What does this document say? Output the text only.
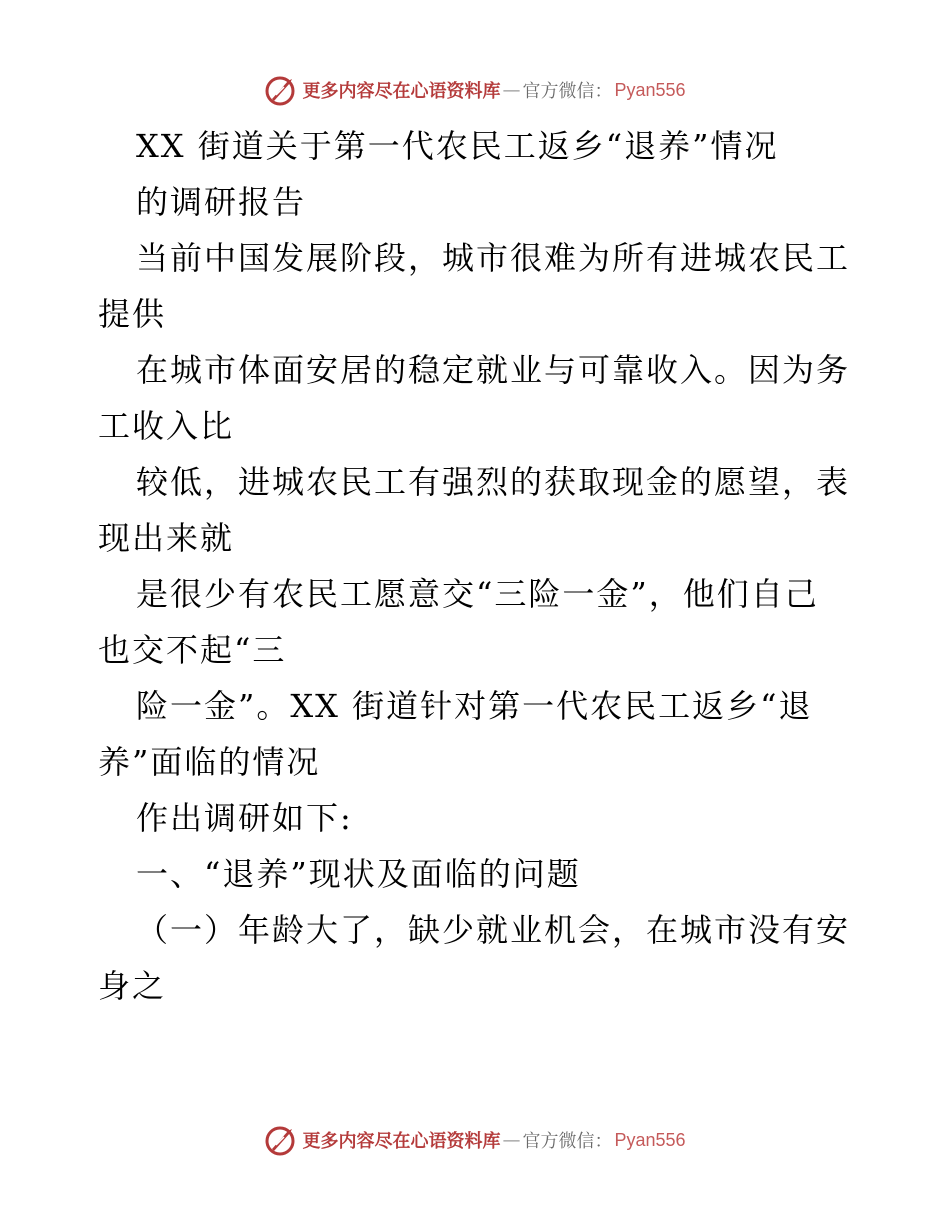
更多内容尽在心语资料库 — 官方微信： Pyan556
XX 街道关于第一代农民工返乡“退养”情况
的调研报告
当前中国发展阶段，城市很难为所有进城农民工
提供
在城市体面安居的稳定就业与可靠收入。因为务
工收入比
较低，进城农民工有强烈的获取现金的愿望，表
现出来就
是很少有农民工愿意交“三险一金”，他们自己
也交不起“三
险一金”。XX 街道针对第一代农民工返乡“退
养”面临的情况
作出调研如下:
一、“退养”现状及面临的问题
（一）年龄大了，缺少就业机会，在城市没有安
身之
更多内容尽在心语资料库 — 官方微信： Pyan556
